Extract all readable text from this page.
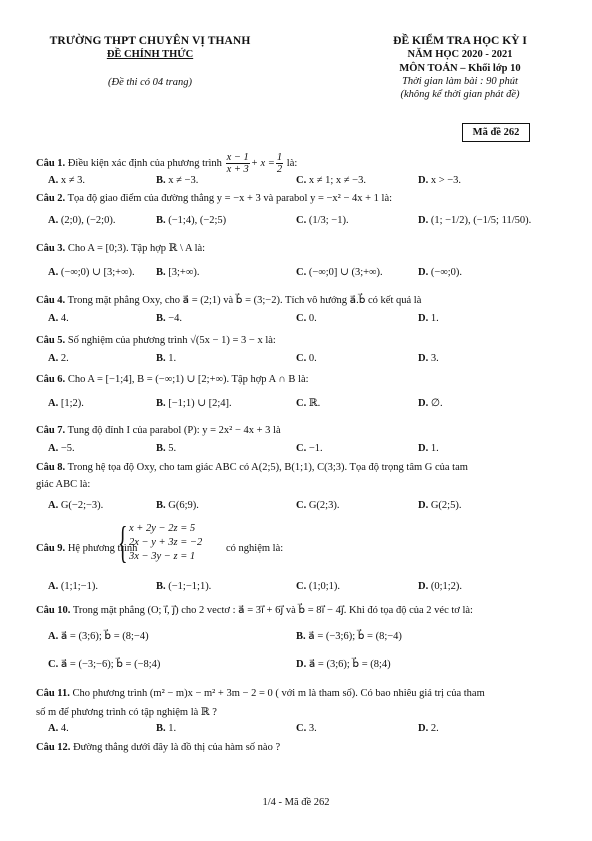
TRƯỜNG THPT CHUYÊN VỊ THANH
ĐỀ CHÍNH THỨC
(Đề thi có 04 trang)
ĐỀ KIỂM TRA HỌC KỲ I
NĂM HỌC 2020 - 2021
MÔN TOÁN – Khối lớp 10
Thời gian làm bài : 90 phút
(không kể thời gian phát đề)
Mã đề 262
Câu 1. Điều kiện xác định của phương trình $\frac{x - 1}{x + 3} + x = \frac{1}{2}$ là:
A. x ≠ 3.	B. x ≠ −3.	C. x ≠ 1; x ≠ −3.	D. x > −3.
Câu 2. Tọa độ giao điểm của đường thẳng y = −x + 3 và parabol y = −x² − 4x + 1 là:
A. (2;0), (−2;0).	B. (−1;4), (−2;5)	C. (1/3; −1).	D. (1; −1/2), (−1/5; 11/50).
Câu 3. Cho A = [0;3). Tập hợp ℝ \ A là:
A. (−∞;0) ∪ [3;+∞). B. [3;+∞).	C. (−∞;0] ∪ (3;+∞).	D. (−∞;0).
Câu 4. Trong mặt phẳng Oxy, cho a⃗ = (2;1) và b⃗ = (3;−2). Tích vô hướng a⃗.b⃗ có kết quả là
A. 4.	B. −4.	C. 0.	D. 1.
Câu 5. Số nghiệm của phương trình √(5x − 1) = 3 − x là:
A. 2.	B. 1.	C. 0.	D. 3.
Câu 6. Cho A = [−1;4], B = (−∞;1) ∪ [2;+∞). Tập hợp A ∩ B là:
A. [1;2).	B. [−1;1) ∪ [2;4].	C. ℝ.	D. ∅.
Câu 7. Tung độ đỉnh I của parabol (P): y = 2x² − 4x + 3 là
A. −5.	B. 5.	C. −1.	D. 1.
Câu 8. Trong hệ tọa độ Oxy, cho tam giác ABC có A(2;5), B(1;1), C(3;3). Tọa độ trọng tâm G của tam
giác ABC là:
A. G(−2;−3).	B. G(6;9).	C. G(2;3).	D. G(2;5).
Câu 9. Hệ phương trình
{ x + 2y − 2z = 5
2x − y + 3z = −2
3x − 3y − z = 1
có nghiệm là:
A. (1;1;−1).	B. (−1;−1;1).	C. (1;0;1).	D. (0;1;2).
Câu 10. Trong mặt phẳng (O; i⃗, j⃗) cho 2 vectơ : a⃗ = 3i⃗ + 6j⃗ và b⃗ = 8i⃗ − 4j⃗. Khi đó tọa độ của 2 véc tơ là:
A. a⃗ = (3;6); b⃗ = (8;−4)	B. a⃗ = (−3;6); b⃗ = (8;−4)
C. a⃗ = (−3;−6); b⃗ = (−8;4)	D. a⃗ = (3;6); b⃗ = (8;4)
Câu 11. Cho phương trình (m² − m)x − m² + 3m − 2 = 0 ( với m là tham số). Có bao nhiêu giá trị của tham
số m để phương trình có tập nghiệm là ℝ ?
A. 4.	B. 1.	C. 3.	D. 2.
Câu 12. Đường thẳng dưới đây là đồ thị của hàm số nào ?
1/4 - Mã đề 262
